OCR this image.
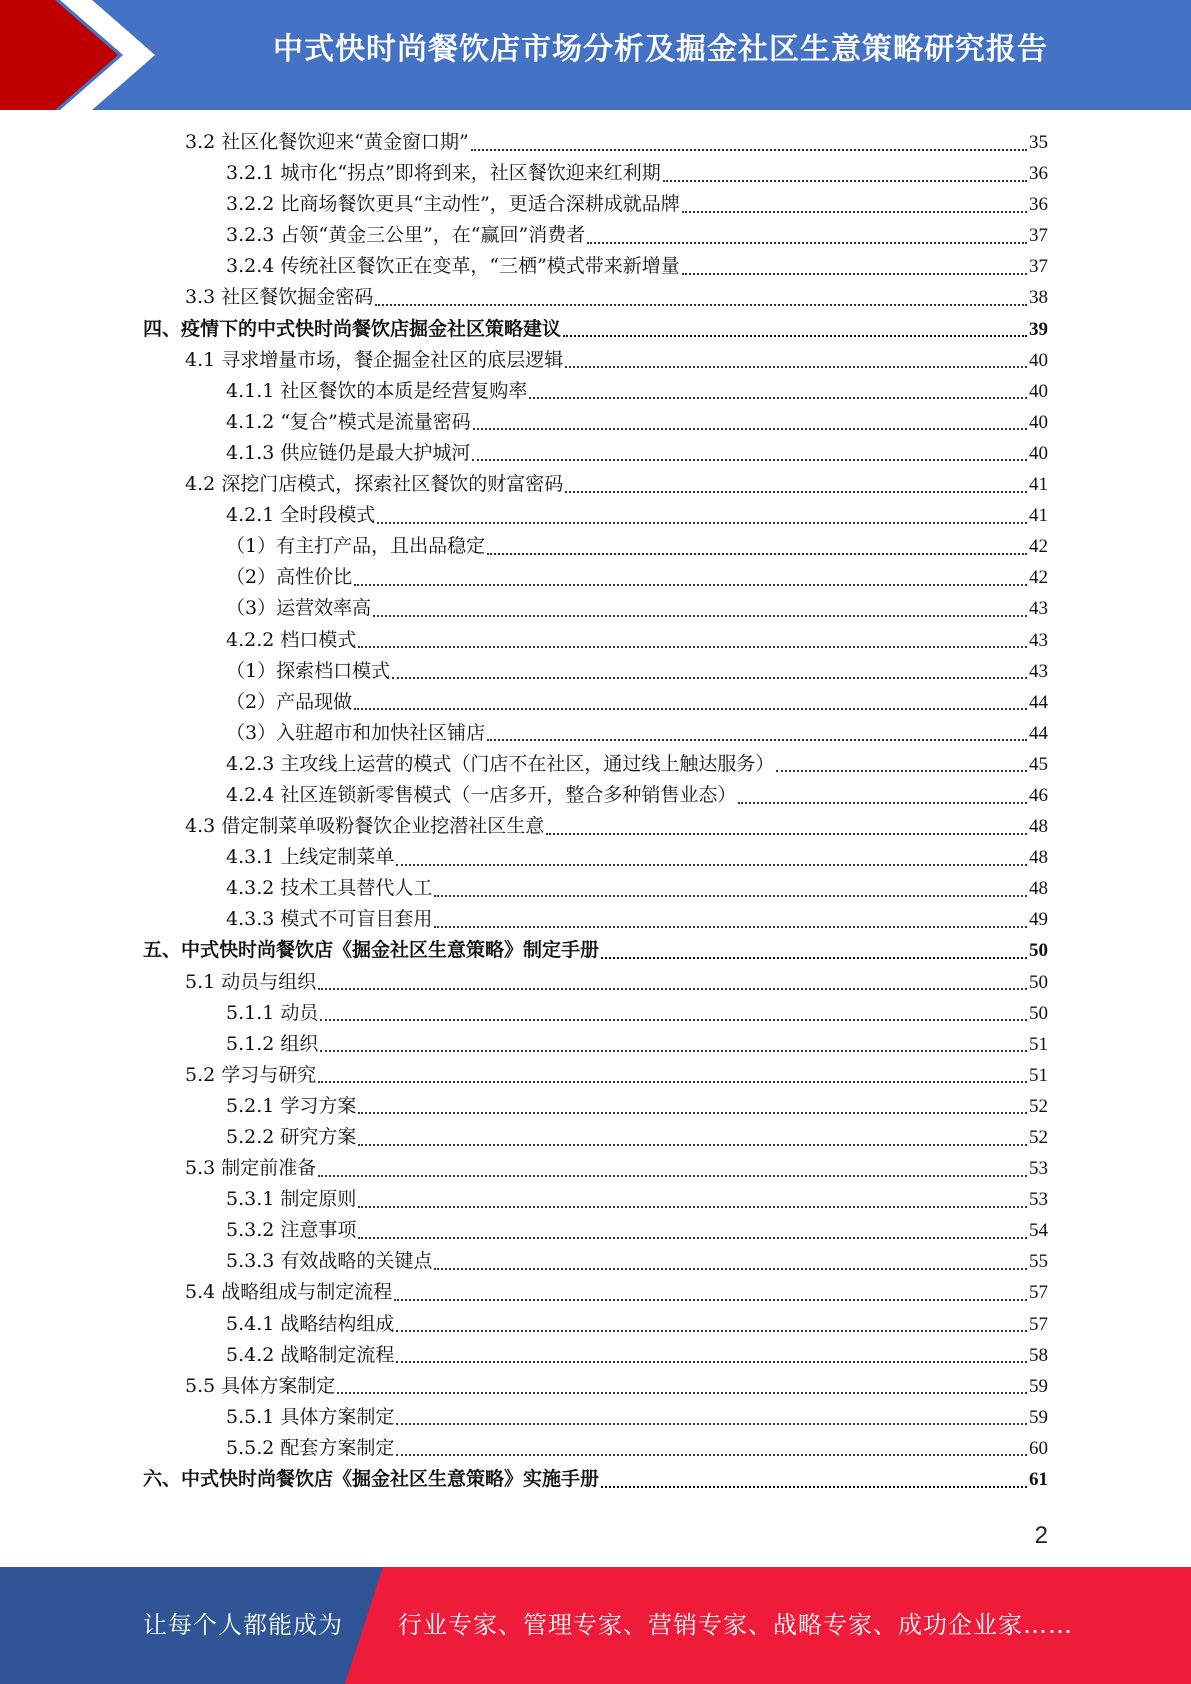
中式快时尚餐饮店市场分析及掘金社区生意策略研究报告
3.2 社区化餐饮迎来“黄金窗口期”	35
3.2.1 城市化“拐点”即将到来，社区餐饮迎来红利期	36
3.2.2 比商场餐饮更具“主动性”，更适合深耕成就品牌	36
3.2.3 占领“黄金三公里”，在“赢回”消费者	37
3.2.4 传统社区餐饮正在变革，“三栖”模式带来新增量	37
3.3 社区餐饮掘金密码	38
四、疫情下的中式快时尚餐饮店掘金社区策略建议	39
4.1 寻求增量市场，餐企掘金社区的底层逻辑	40
4.1.1 社区餐饮的本质是经营复购率	40
4.1.2 “复合”模式是流量密码	40
4.1.3 供应链仍是最大护城河	40
4.2 深挖门店模式，探索社区餐饮的财富密码	41
4.2.1 全时段模式	41
（1）有主打产品，且出品稳定	42
（2）高性价比	42
（3）运营效率高	43
4.2.2 档口模式	43
（1）探索档口模式	43
（2）产品现做	44
（3）入驻超市和加快社区铺店	44
4.2.3 主攻线上运营的模式（门店不在社区，通过线上触达服务）	45
4.2.4 社区连锁新零售模式（一店多开，整合多种销售业态）	46
4.3 借定制菜单吸粉餐饮企业挖潜社区生意	48
4.3.1 上线定制菜单	48
4.3.2 技术工具替代人工	48
4.3.3 模式不可盲目套用	49
五、中式快时尚餐饮店《掘金社区生意策略》制定手册	50
5.1 动员与组织	50
5.1.1 动员	50
5.1.2 组织	51
5.2 学习与研究	51
5.2.1 学习方案	52
5.2.2 研究方案	52
5.3 制定前准备	53
5.3.1 制定原则	53
5.3.2 注意事项	54
5.3.3 有效战略的关键点	55
5.4 战略组成与制定流程	57
5.4.1 战略结构组成	57
5.4.2 战略制定流程	58
5.5 具体方案制定	59
5.5.1 具体方案制定	59
5.5.2 配套方案制定	60
六、中式快时尚餐饮店《掘金社区生意策略》实施手册	61
2
让每个人都能成为 行业专家、管理专家、营销专家、战略专家、成功企业家……
